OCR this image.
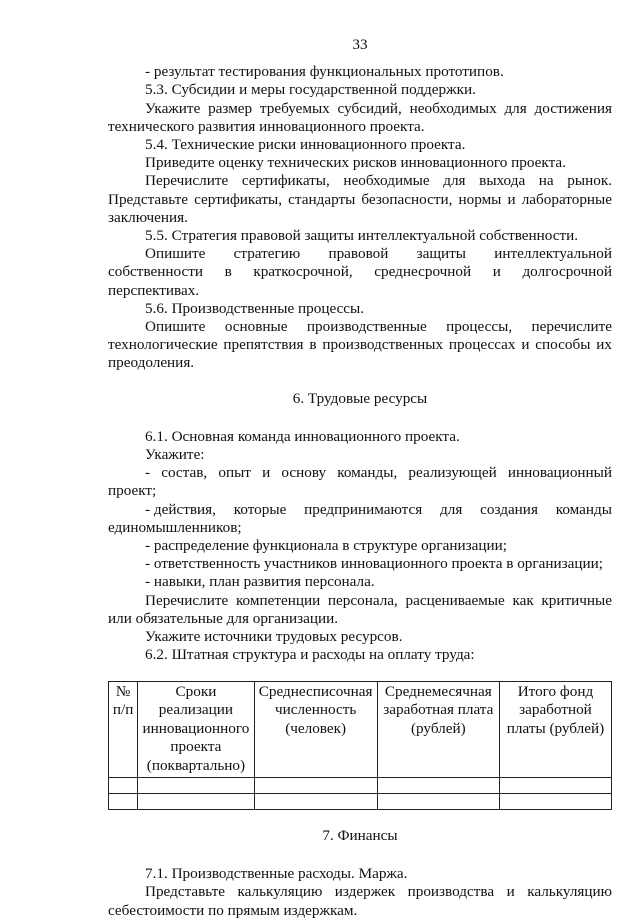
33

- результат тестирования функциональных прототипов.

5.3. Субсидии и меры государственной поддержки.

Укажите размер требуемых субсидий, необходимых для достижения технического развития инновационного проекта.

5.4. Технические риски инновационного проекта.

Приведите оценку технических рисков инновационного проекта.

Перечислите сертификаты, необходимые для выхода на рынок. Представьте сертификаты, стандарты безопасности, нормы и лабораторные заключения.

5.5. Стратегия правовой защиты интеллектуальной собственности.

Опишите стратегию правовой защиты интеллектуальной собственности в краткосрочной, среднесрочной и долгосрочной перспективах.

5.6. Производственные процессы.

Опишите основные производственные процессы, перечислите

технологические препятствия в производственных процессах и способы их преодоления.

6. Трудовые ресурсы

6.1. Основная команда инновационного проекта.

Укажите:

- состав, опыт и основу команды, реализующей инновационный проект;

- действия, которые предпринимаются для создания команды

единомышленников;

- распределение функционала в структуре организации;

- ответственность участников инновационного проекта в организации;

- навыки, план развития персонала.

Перечислите компетенции персонала, расцениваемые как критичные или обязательные для организации.

Укажите источники трудовых ресурсов.

6.2. Штатная структура и расходы на оплату труда:

№ п/п	Сроки реализации инновационного проекта (поквартально)	Среднесписочная численность (человек)	Среднемесячная заработная плата (рублей)	Итого фонд заработной платы (рублей)

7. Финансы

7.1. Производственные расходы. Маржа.

Представьте калькуляцию издержек производства и калькуляцию себестоимости по прямым издержкам.
